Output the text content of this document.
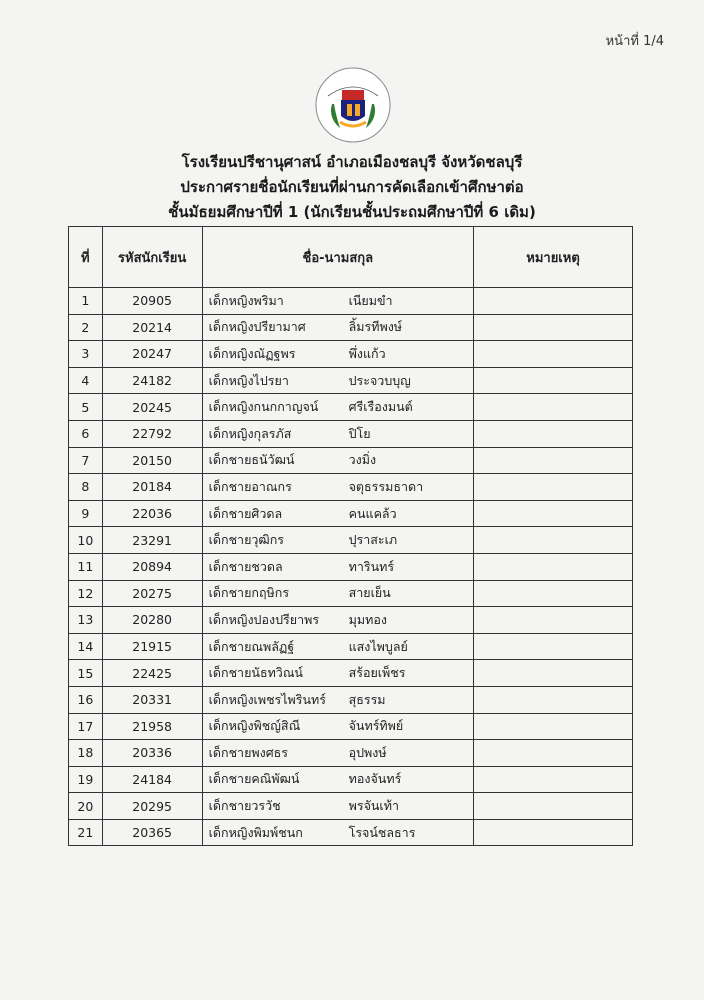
หน้าที่ 1/4
โรงเรียนปรีชานุศาสน์ อำเภอเมืองชลบุรี จังหวัดชลบุรี
ประกาศรายชื่อนักเรียนที่ผ่านการคัดเลือกเข้าศึกษาต่อ
ชั้นมัธยมศึกษาปีที่ 1 (นักเรียนชั้นประถมศึกษาปีที่ 6 เดิม)
ที่	รหัสนักเรียน	ชื่อ-นามสกุล	หมายเหตุ
1	20905	เด็กหญิงพริมา เนียมขำ	

2	20214	เด็กหญิงปรียามาศ ลิ้มรทีพงษ์	

3	20247	เด็กหญิงณัฏฐพร พึ่งแก้ว	

4	24182	เด็กหญิงไปรยา ประจวบบุญ	

5	20245	เด็กหญิงกนกกาญจน์ ศรีเรืองมนต์	

6	22792	เด็กหญิงกุลรภัส ปิโย	

7	20150	เด็กชายธนัวัฒน์ วงมิ่ง	

8	20184	เด็กชายอาณกร จตุธรรมธาดา	

9	22036	เด็กชายศิวดล คนแคล้ว	

10	23291	เด็กชายวุฒิกร ปุราสะเภ	

11	20894	เด็กชายชวดล ทารินทร์	

12	20275	เด็กชายกฤษิกร สายเย็น	

13	20280	เด็กหญิงปองปรียาพร มุมทอง	

14	21915	เด็กชายณพลัฏฐ์ แสงไพบูลย์	

15	22425	เด็กชายนัธทวิณน์ สร้อยเพ็ชร	

16	20331	เด็กหญิงเพชรไพรินทร์ สุธรรม	

17	21958	เด็กหญิงพิชญ์สิณี จันทร์ทิพย์	

18	20336	เด็กชายพงศธร อุปพงษ์	

19	24184	เด็กชายคณิพัฒน์ ทองจันทร์	

20	20295	เด็กชายวรวัช พรจันเท้า	

21	20365	เด็กหญิงพิมพ์ชนก โรจน์ชลธาร	
